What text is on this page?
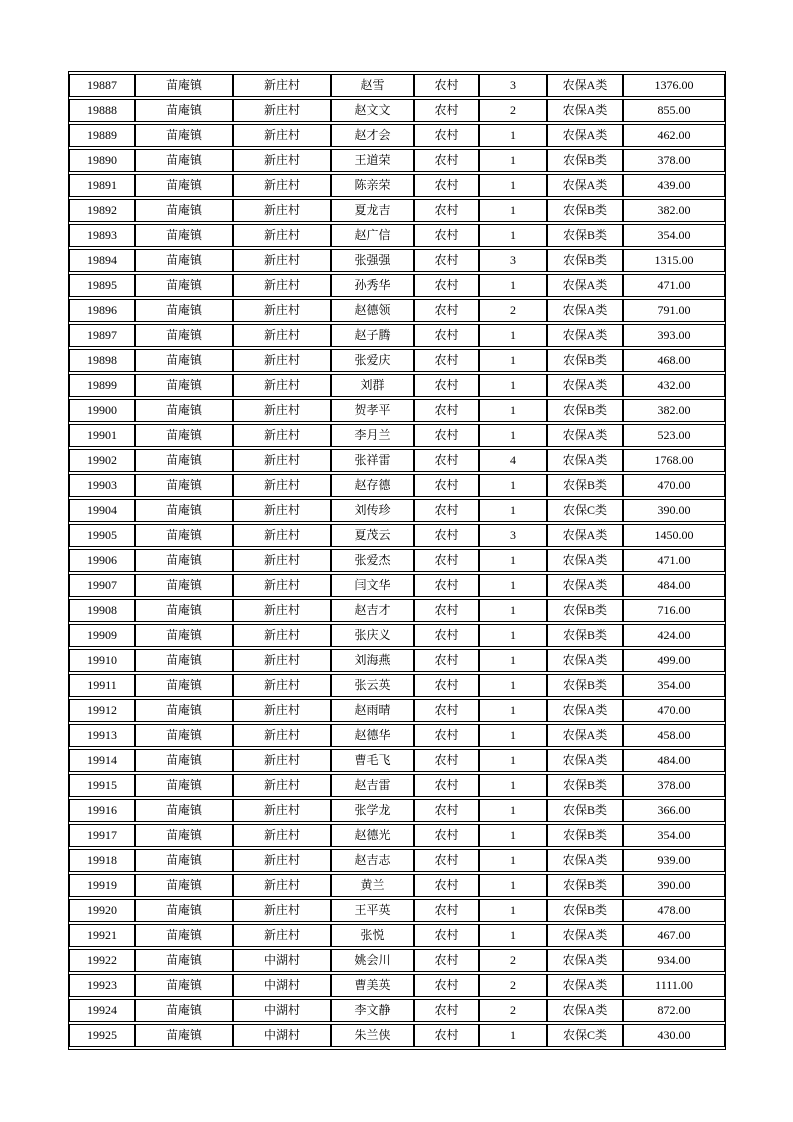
19887	苗庵镇	新庄村	赵雪	农村	3	农保A类	1376.00
19888	苗庵镇	新庄村	赵文文	农村	2	农保A类	855.00
19889	苗庵镇	新庄村	赵才会	农村	1	农保A类	462.00
19890	苗庵镇	新庄村	王道荣	农村	1	农保B类	378.00
19891	苗庵镇	新庄村	陈亲荣	农村	1	农保A类	439.00
19892	苗庵镇	新庄村	夏龙吉	农村	1	农保B类	382.00
19893	苗庵镇	新庄村	赵广信	农村	1	农保B类	354.00
19894	苗庵镇	新庄村	张强强	农村	3	农保B类	1315.00
19895	苗庵镇	新庄村	孙秀华	农村	1	农保A类	471.00
19896	苗庵镇	新庄村	赵德领	农村	2	农保A类	791.00
19897	苗庵镇	新庄村	赵子腾	农村	1	农保A类	393.00
19898	苗庵镇	新庄村	张爱庆	农村	1	农保B类	468.00
19899	苗庵镇	新庄村	刘群	农村	1	农保A类	432.00
19900	苗庵镇	新庄村	贺孝平	农村	1	农保B类	382.00
19901	苗庵镇	新庄村	李月兰	农村	1	农保A类	523.00
19902	苗庵镇	新庄村	张祥雷	农村	4	农保A类	1768.00
19903	苗庵镇	新庄村	赵存德	农村	1	农保B类	470.00
19904	苗庵镇	新庄村	刘传珍	农村	1	农保C类	390.00
19905	苗庵镇	新庄村	夏茂云	农村	3	农保A类	1450.00
19906	苗庵镇	新庄村	张爱杰	农村	1	农保A类	471.00
19907	苗庵镇	新庄村	闫文华	农村	1	农保A类	484.00
19908	苗庵镇	新庄村	赵吉才	农村	1	农保B类	716.00
19909	苗庵镇	新庄村	张庆义	农村	1	农保B类	424.00
19910	苗庵镇	新庄村	刘海燕	农村	1	农保A类	499.00
19911	苗庵镇	新庄村	张云英	农村	1	农保B类	354.00
19912	苗庵镇	新庄村	赵雨晴	农村	1	农保A类	470.00
19913	苗庵镇	新庄村	赵德华	农村	1	农保A类	458.00
19914	苗庵镇	新庄村	曹毛飞	农村	1	农保A类	484.00
19915	苗庵镇	新庄村	赵吉雷	农村	1	农保B类	378.00
19916	苗庵镇	新庄村	张学龙	农村	1	农保B类	366.00
19917	苗庵镇	新庄村	赵德光	农村	1	农保B类	354.00
19918	苗庵镇	新庄村	赵吉志	农村	1	农保A类	939.00
19919	苗庵镇	新庄村	黄兰	农村	1	农保B类	390.00
19920	苗庵镇	新庄村	王平英	农村	1	农保B类	478.00
19921	苗庵镇	新庄村	张悦	农村	1	农保A类	467.00
19922	苗庵镇	中湖村	姚会川	农村	2	农保A类	934.00
19923	苗庵镇	中湖村	曹美英	农村	2	农保A类	1111.00
19924	苗庵镇	中湖村	李文静	农村	2	农保A类	872.00
19925	苗庵镇	中湖村	朱兰侠	农村	1	农保C类	430.00
